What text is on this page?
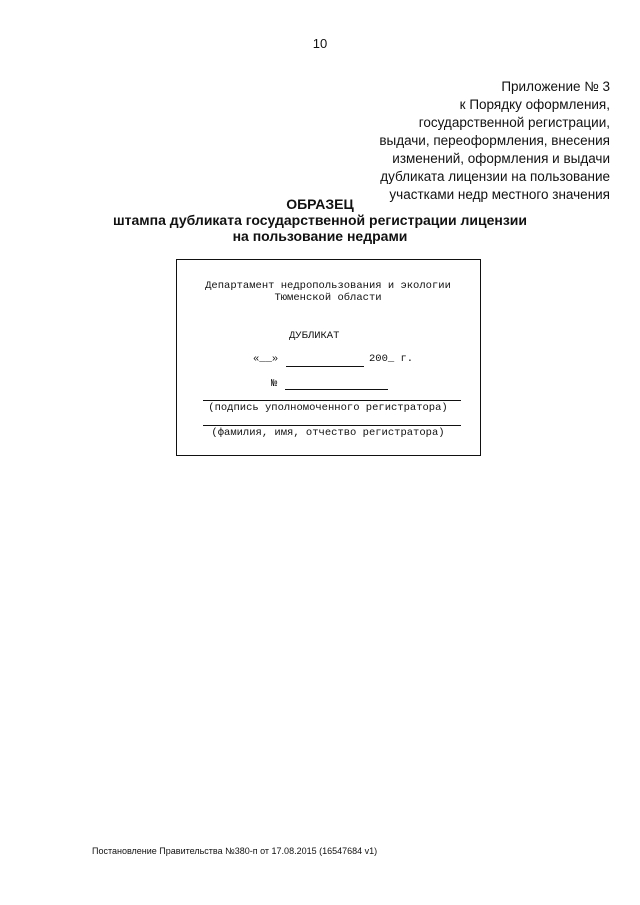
10
Приложение № 3
к Порядку оформления,
государственной регистрации,
выдачи, переоформления, внесения
изменений, оформления и выдачи
дубликата лицензии на пользование
участками недр местного значения
ОБРАЗЕЦ
штампа дубликата государственной регистрации лицензии
на пользование недрами
Департамент недропользования и экологии
Тюменской области
ДУБЛИКАТ
«__»	200_ г.
№
(подпись уполномоченного регистратора)
(фамилия, имя, отчество регистратора)
Постановление Правительства №380-п от 17.08.2015 (16547684 v1)
